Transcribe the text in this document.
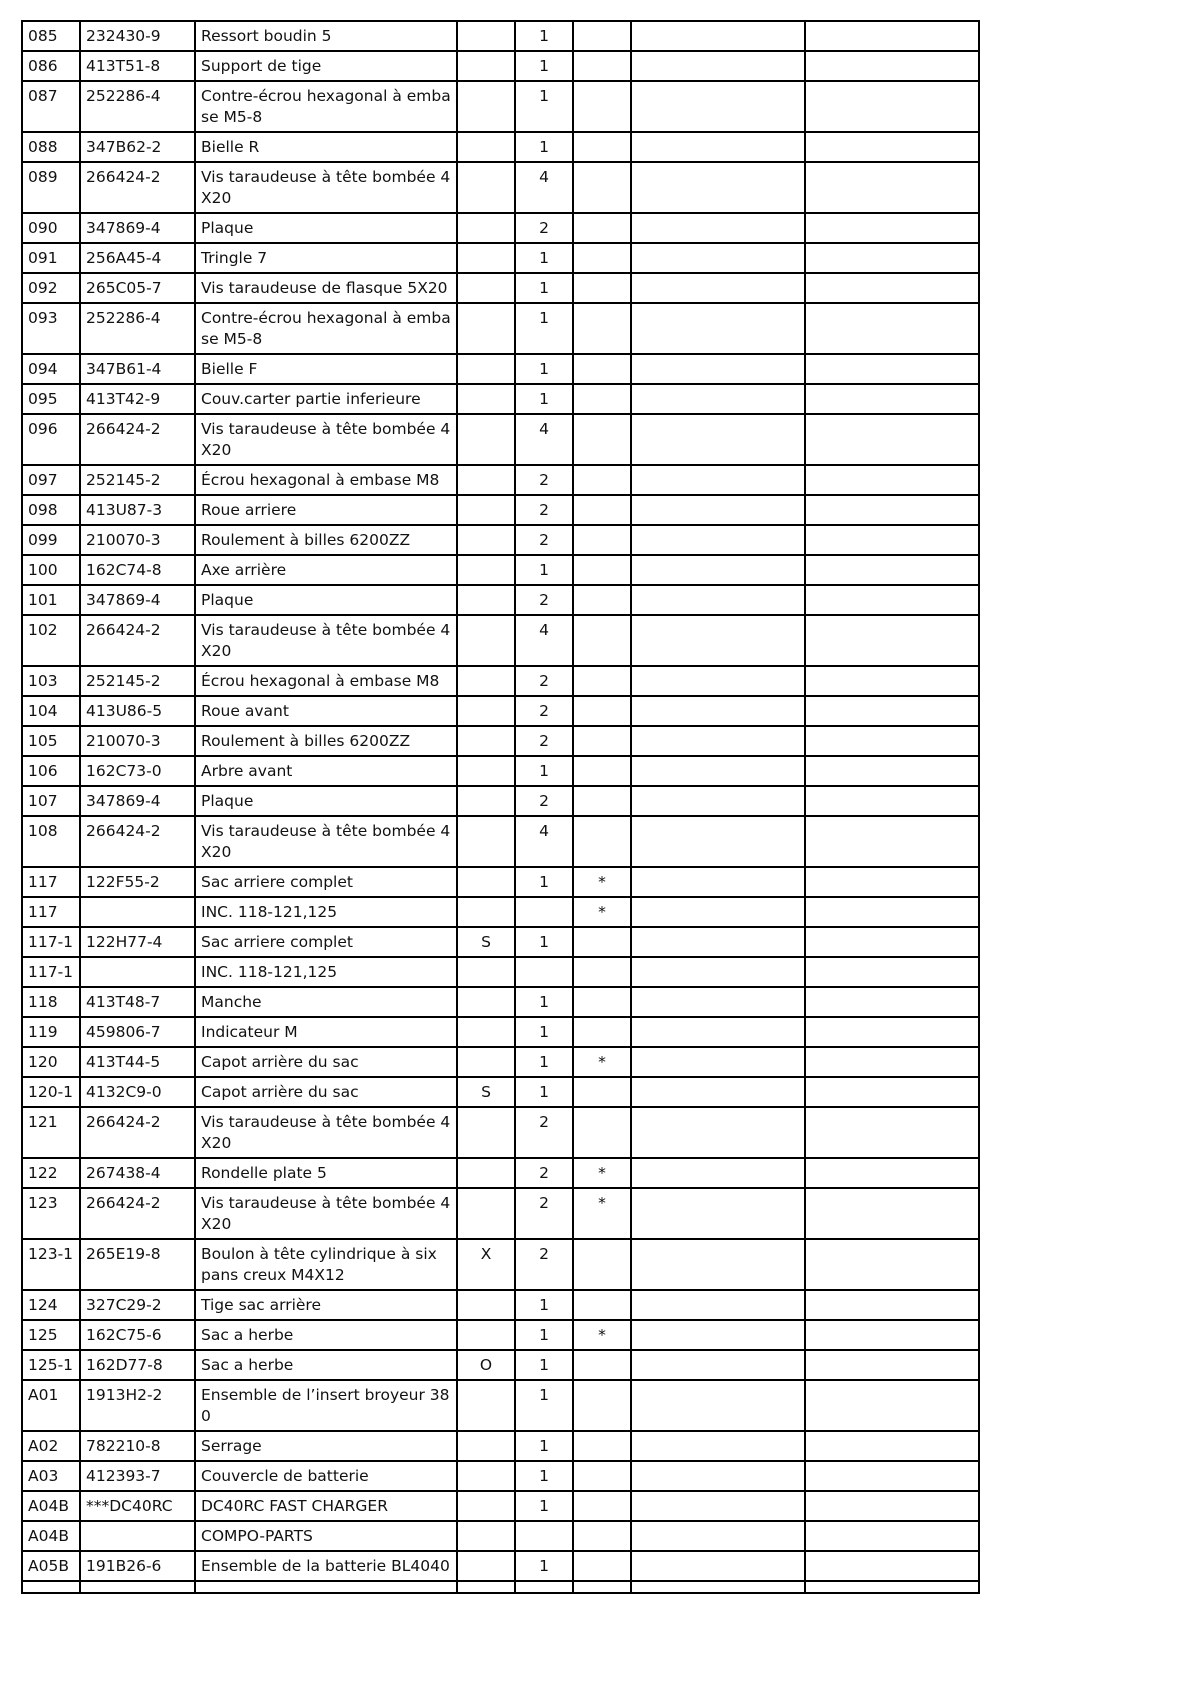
085	232430-9	Ressort boudin 5		1			
086	413T51-8	Support de tige		1			
087	252286-4	Contre-écrou hexagonal à embase M5-8		1			
088	347B62-2	Bielle R		1			
089	266424-2	Vis taraudeuse à tête bombée 4X20		4			
090	347869-4	Plaque		2			
091	256A45-4	Tringle 7		1			
092	265C05-7	Vis taraudeuse de flasque 5X20		1			
093	252286-4	Contre-écrou hexagonal à embase M5-8		1			
094	347B61-4	Bielle F		1			
095	413T42-9	Couv.carter partie inferieure		1			
096	266424-2	Vis taraudeuse à tête bombée 4X20		4			
097	252145-2	Écrou hexagonal à embase M8		2			
098	413U87-3	Roue arriere		2			
099	210070-3	Roulement à billes 6200ZZ		2			
100	162C74-8	Axe arrière		1			
101	347869-4	Plaque		2			
102	266424-2	Vis taraudeuse à tête bombée 4X20		4			
103	252145-2	Écrou hexagonal à embase M8		2			
104	413U86-5	Roue avant		2			
105	210070-3	Roulement à billes 6200ZZ		2			
106	162C73-0	Arbre avant		1			
107	347869-4	Plaque		2			
108	266424-2	Vis taraudeuse à tête bombée 4X20		4			
117	122F55-2	Sac arriere complet		1	*		
117		INC. 118-121,125			*		
117-1	122H77-4	Sac arriere complet	S	1			
117-1		INC. 118-121,125					
118	413T48-7	Manche		1			
119	459806-7	Indicateur M		1			
120	413T44-5	Capot arrière du sac		1	*		
120-1	4132C9-0	Capot arrière du sac	S	1			
121	266424-2	Vis taraudeuse à tête bombée 4X20		2			
122	267438-4	Rondelle plate 5		2	*		
123	266424-2	Vis taraudeuse à tête bombée 4X20		2	*		
123-1	265E19-8	Boulon à tête cylindrique à six pans creux M4X12	X	2			
124	327C29-2	Tige sac arrière		1			
125	162C75-6	Sac a herbe		1	*		
125-1	162D77-8	Sac a herbe	O	1			
A01	1913H2-2	Ensemble de l’insert broyeur 380		1			
A02	782210-8	Serrage		1			
A03	412393-7	Couvercle de batterie		1			
A04B	***DC40RC	DC40RC FAST CHARGER		1			
A04B		COMPO-PARTS					
A05B	191B26-6	Ensemble de la batterie BL4040		1			
